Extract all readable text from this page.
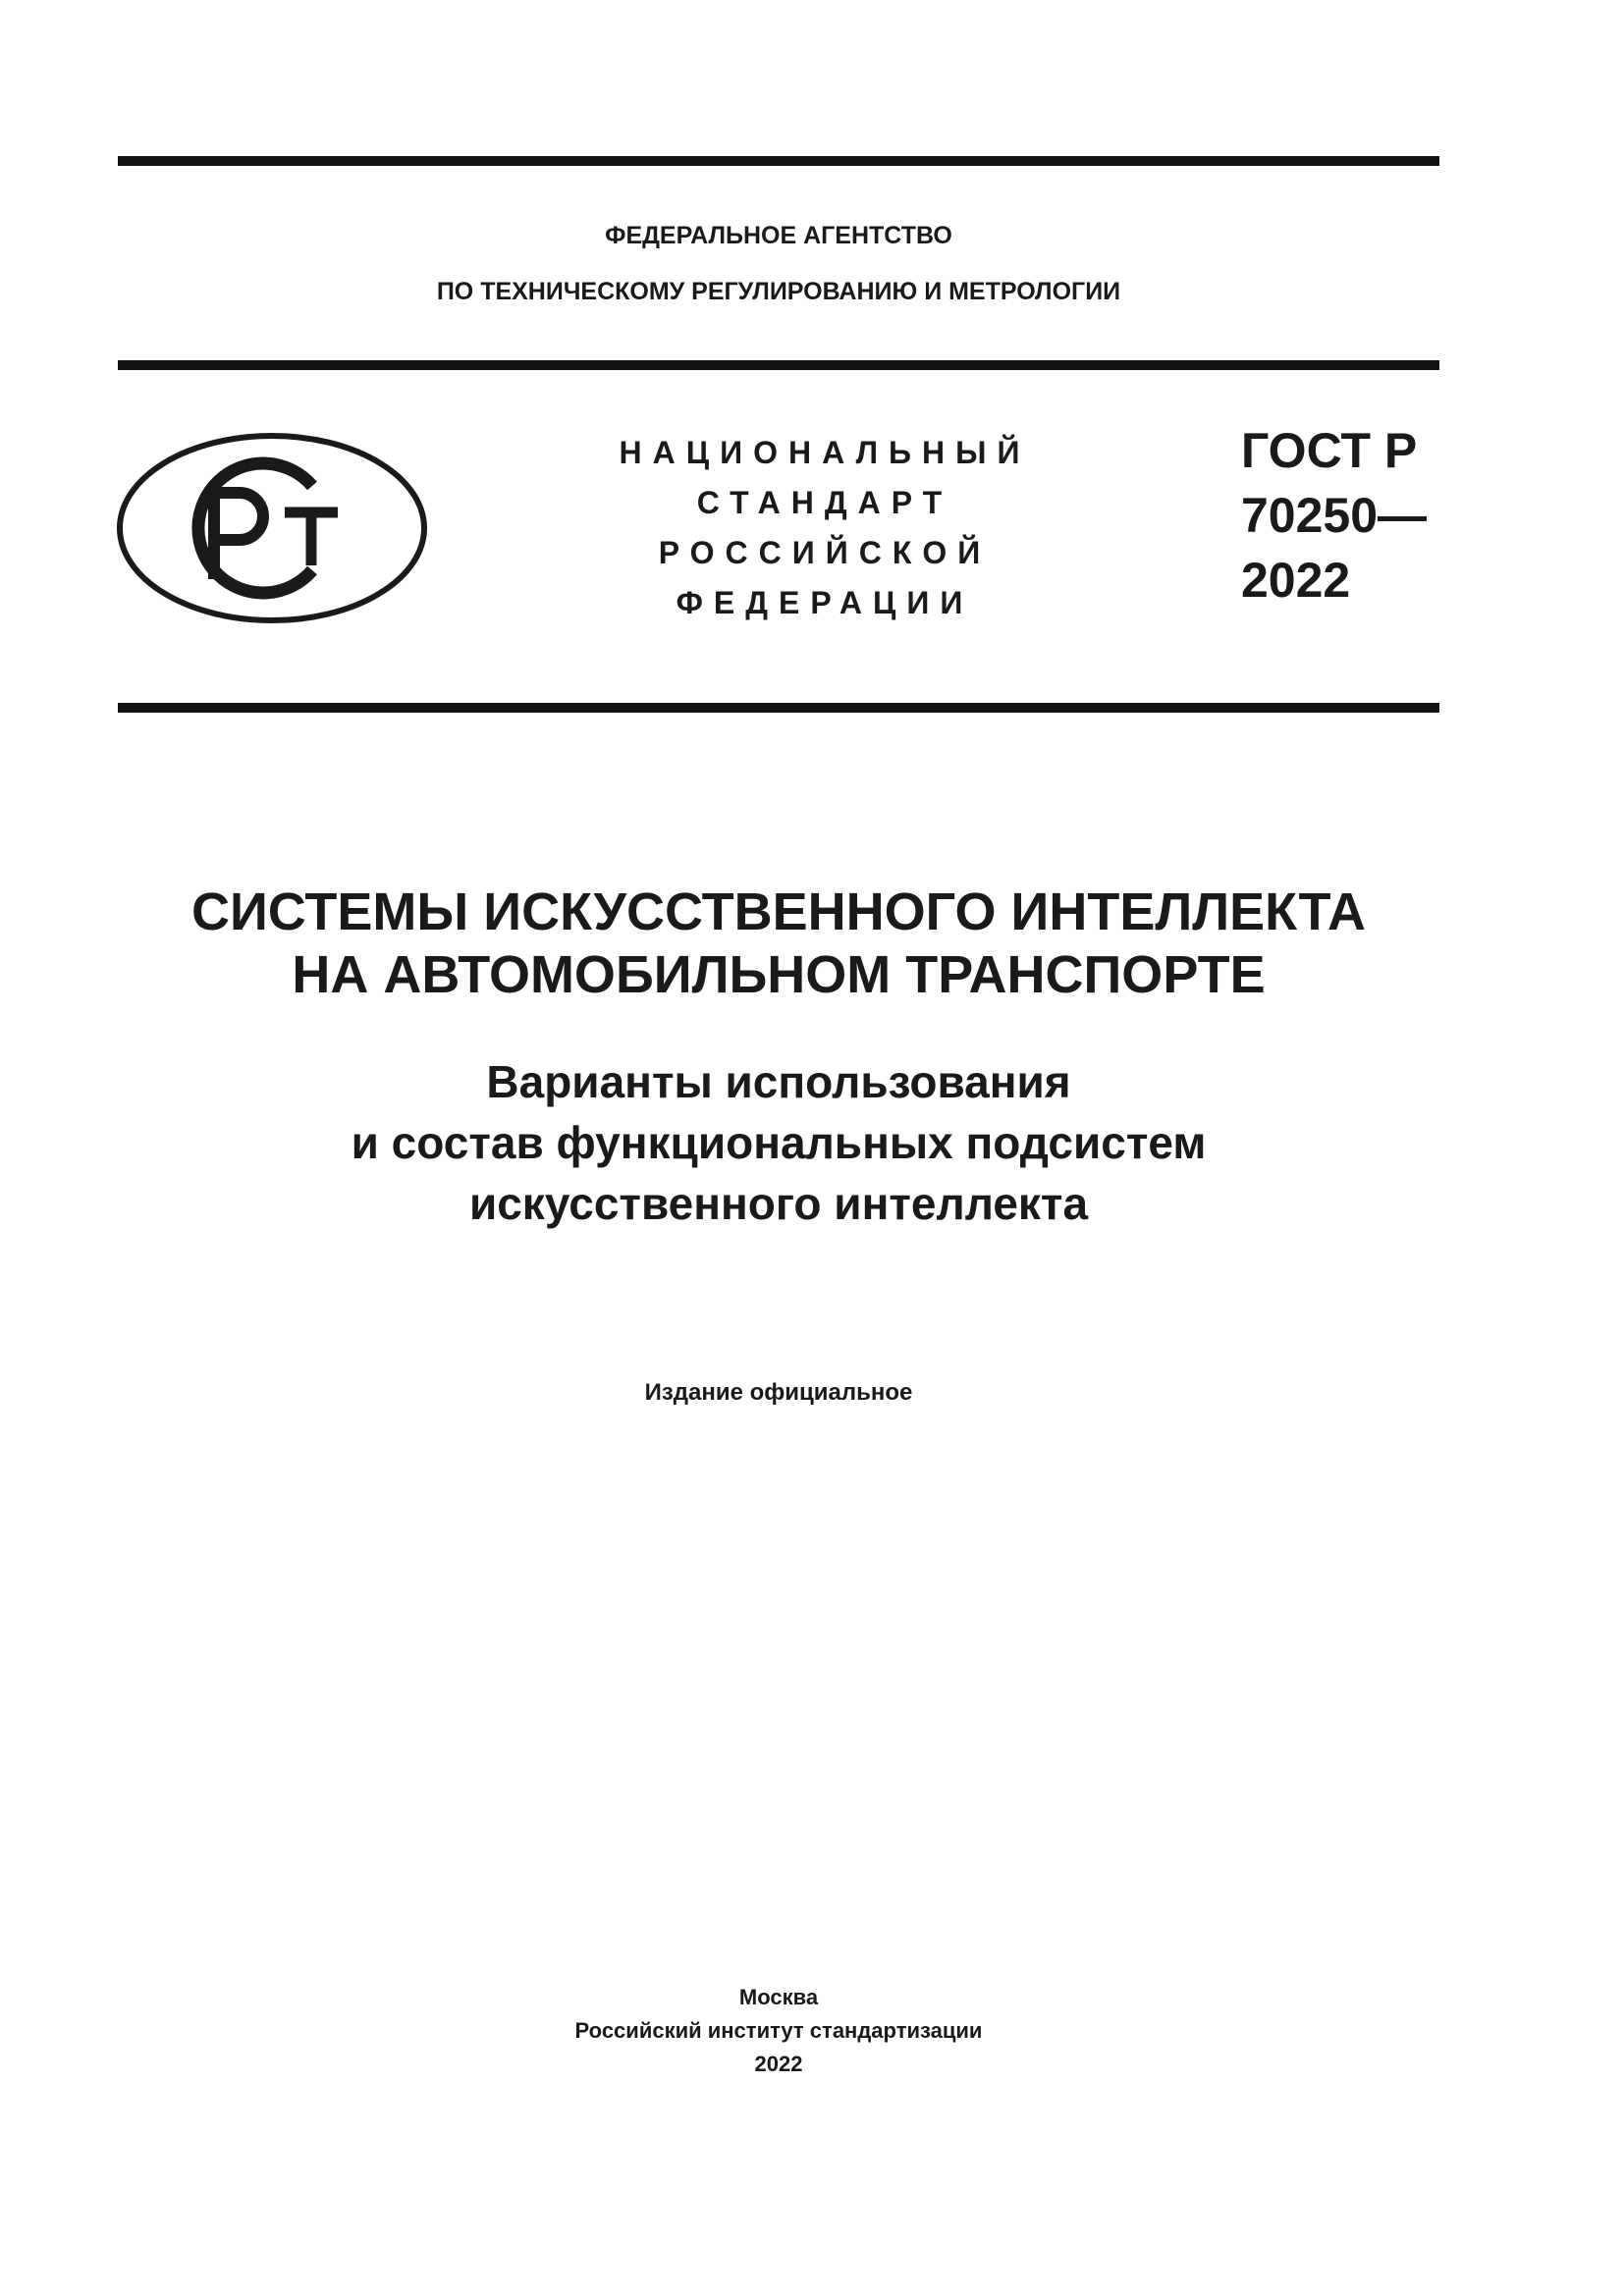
ФЕДЕРАЛЬНОЕ АГЕНТСТВО
ПО ТЕХНИЧЕСКОМУ РЕГУЛИРОВАНИЮ И МЕТРОЛОГИИ
НАЦИОНАЛЬНЫЙ
СТАНДАРТ
РОССИЙСКОЙ
ФЕДЕРАЦИИ
ГОСТ Р
70250—
2022
СИСТЕМЫ ИСКУССТВЕННОГО ИНТЕЛЛЕКТА
НА АВТОМОБИЛЬНОМ ТРАНСПОРТЕ
Варианты использования
и состав функциональных подсистем
искусственного интеллекта
Издание официальное
Москва
Российский институт стандартизации
2022
